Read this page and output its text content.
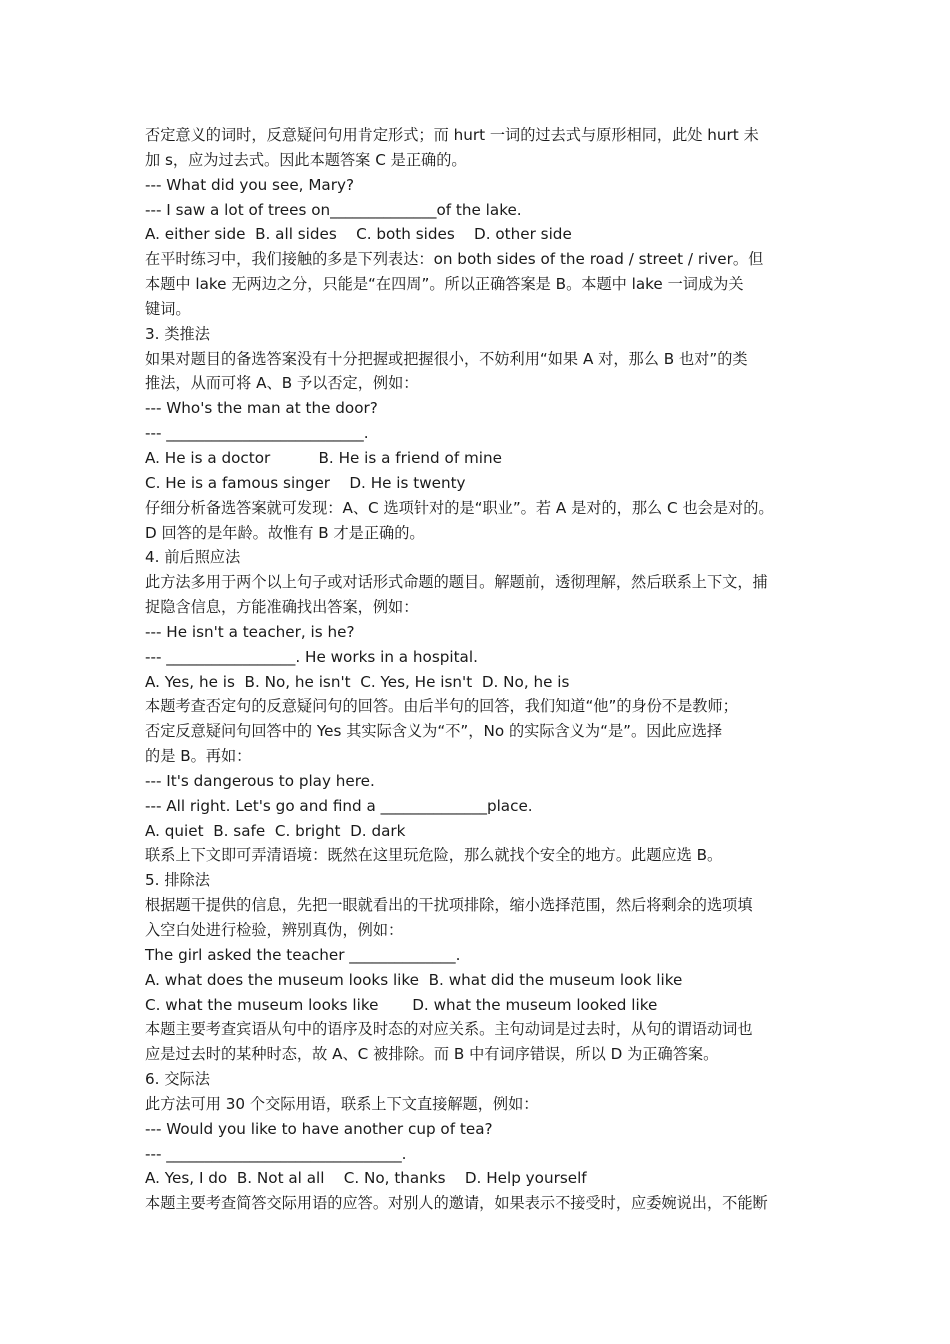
否定意义的词时，反意疑问句用肯定形式；而 hurt 一词的过去式与原形相同，此处 hurt 未
加 s，应为过去式。因此本题答案 C 是正确的。
--- What did you see, Mary?
--- I saw a lot of trees on______________of the lake.
A. either side  B. all sides    C. both sides    D. other side
在平时练习中，我们接触的多是下列表达：on both sides of the road / street / river。但
本题中 lake 无两边之分，只能是“在四周”。所以正确答案是 B。本题中 lake 一词成为关
键词。
3. 类推法
如果对题目的备选答案没有十分把握或把握很小，不妨利用“如果 A 对，那么 B 也对”的类
推法，从而可将 A、B 予以否定，例如：
--- Who's the man at the door?
--- __________________________.
A. He is a doctor          B. He is a friend of mine
C. He is a famous singer    D. He is twenty
仔细分析备选答案就可发现：A、C 选项针对的是“职业”。若 A 是对的，那么 C 也会是对的。
D 回答的是年龄。故惟有 B 才是正确的。
4. 前后照应法
此方法多用于两个以上句子或对话形式命题的题目。解题前，透彻理解，然后联系上下文，捕
捉隐含信息，方能准确找出答案，例如：
--- He isn't a teacher, is he?
--- _________________. He works in a hospital.
A. Yes, he is  B. No, he isn't  C. Yes, He isn't  D. No, he is
本题考查否定句的反意疑问句的回答。由后半句的回答，我们知道“他”的身份不是教师；
否定反意疑问句回答中的 Yes 其实际含义为“不”，No 的实际含义为“是”。因此应选择
的是 B。再如：
--- It's dangerous to play here.
--- All right. Let's go and find a ______________place.
A. quiet  B. safe  C. bright  D. dark
联系上下文即可弄清语境：既然在这里玩危险，那么就找个安全的地方。此题应选 B。
5. 排除法
根据题干提供的信息，先把一眼就看出的干扰项排除，缩小选择范围，然后将剩余的选项填
入空白处进行检验，辨别真伪，例如：
The girl asked the teacher ______________.
A. what does the museum looks like  B. what did the museum look like
C. what the museum looks like       D. what the museum looked like
本题主要考查宾语从句中的语序及时态的对应关系。主句动词是过去时，从句的谓语动词也
应是过去时的某种时态，故 A、C 被排除。而 B 中有词序错误，所以 D 为正确答案。
6. 交际法
此方法可用 30 个交际用语，联系上下文直接解题，例如：
--- Would you like to have another cup of tea?
--- _______________________________.
A. Yes, I do  B. Not al all    C. No, thanks    D. Help yourself
本题主要考查简答交际用语的应答。对别人的邀请，如果表示不接受时，应委婉说出，不能断
